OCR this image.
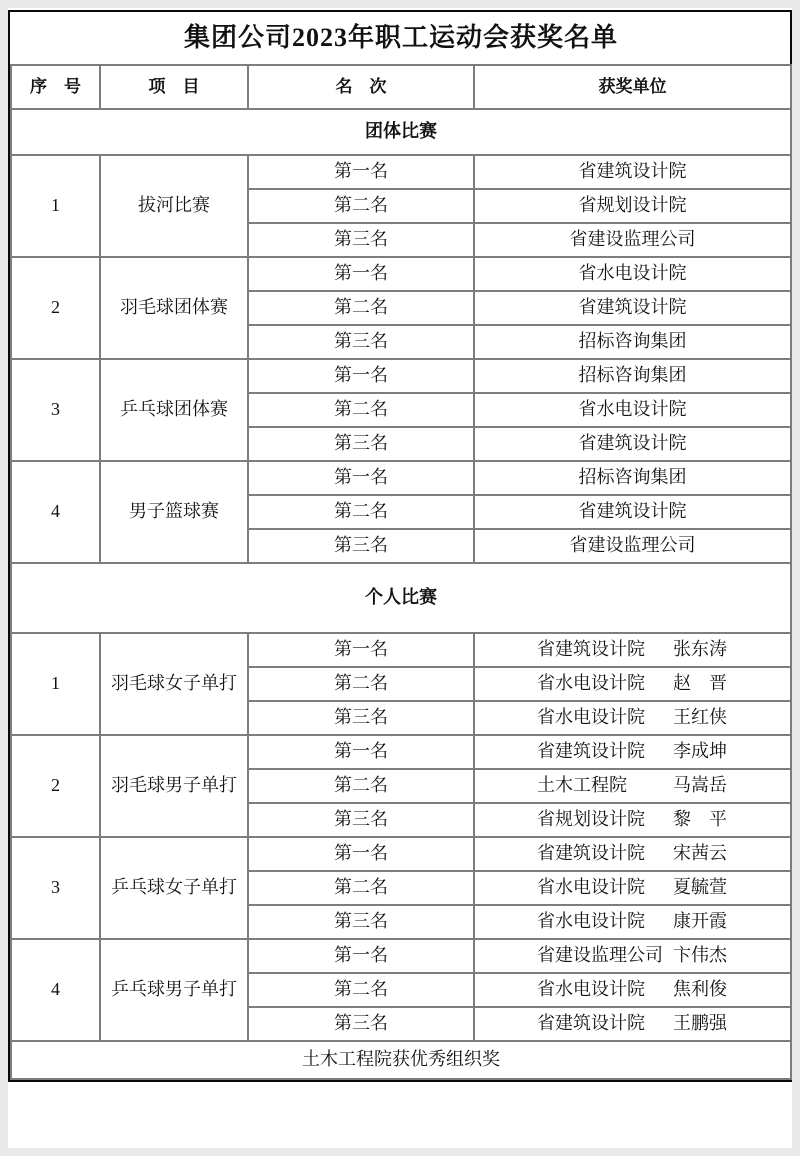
集团公司2023年职工运动会获奖名单			
序　号	项　目	名　次	获奖单位
团体比赛			
1	拔河比赛	第一名	省建筑设计院
		第二名	省规划设计院
		第三名	省建设监理公司
2	羽毛球团体赛	第一名	省水电设计院
		第二名	省建筑设计院
		第三名	招标咨询集团
3	乒乓球团体赛	第一名	招标咨询集团
		第二名	省水电设计院
		第三名	省建筑设计院
4	男子篮球赛	第一名	招标咨询集团
		第二名	省建筑设计院
		第三名	省建设监理公司
个人比赛			
1	羽毛球女子单打	第一名	省建筑设计院 张东涛
		第二名	省水电设计院 赵　晋
		第三名	省水电设计院 王红侠
2	羽毛球男子单打	第一名	省建筑设计院 李成坤
		第二名	土木工程院 马嵩岳
		第三名	省规划设计院 黎　平
3	乒乓球女子单打	第一名	省建筑设计院 宋茜云
		第二名	省水电设计院 夏毓萱
		第三名	省水电设计院 康开霞
4	乒乓球男子单打	第一名	省建设监理公司 卞伟杰
		第二名	省水电设计院 焦利俊
		第三名	省建筑设计院 王鹏强
土木工程院获优秀组织奖			
